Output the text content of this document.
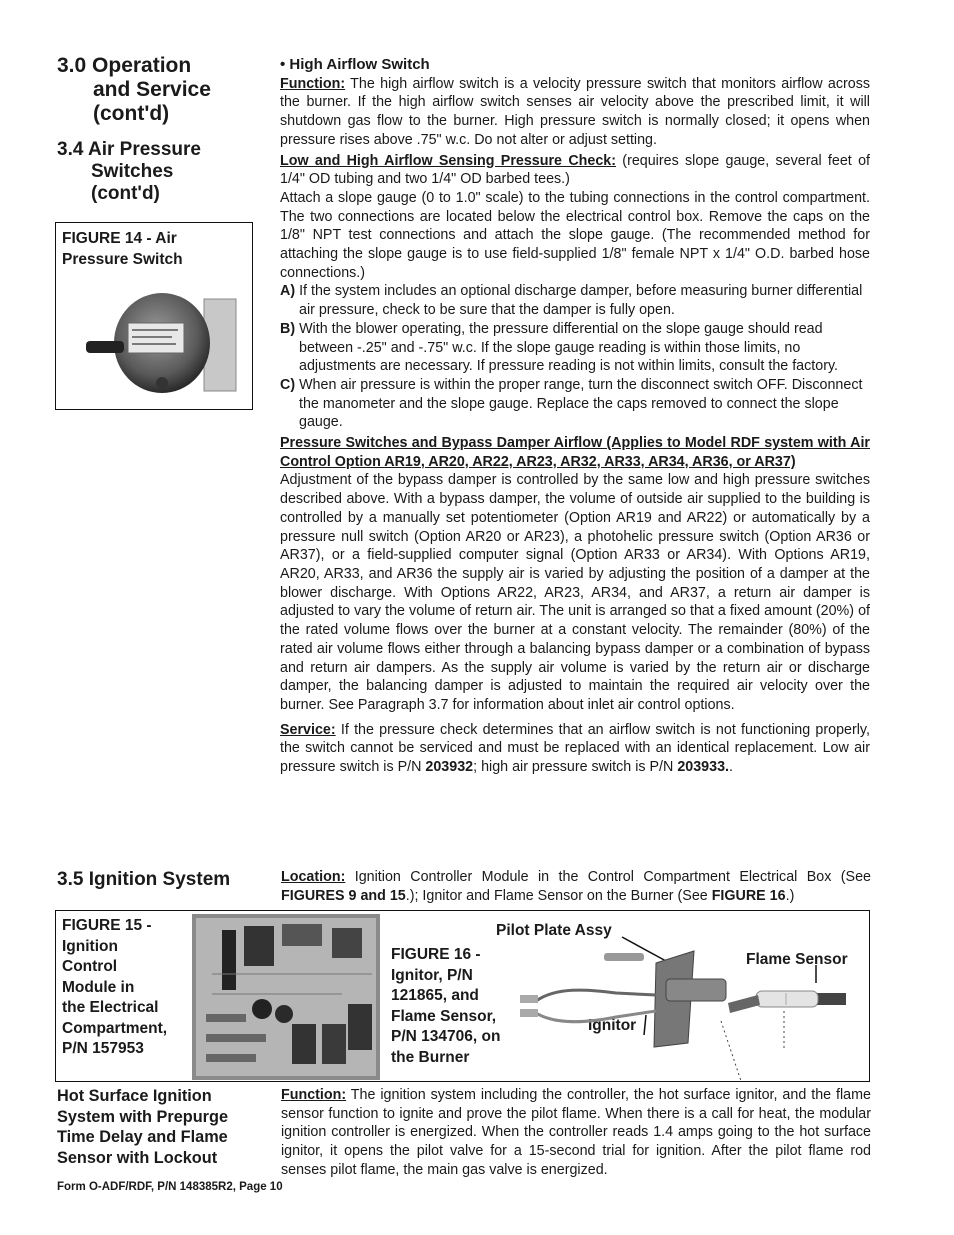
3.0 Operation
and Service
(cont'd)
3.4 Air Pressure
Switches
(cont'd)
FIGURE 14 - Air
Pressure Switch

• High Airflow Switch

Function: The high airflow switch is a velocity pressure switch that monitors airflow across the burner. If the high airflow switch senses air velocity above the prescribed limit, it will shutdown gas flow to the burner. High pressure switch is normally closed; it opens when pressure rises above .75" w.c. Do not alter or adjust setting.

Low and High Airflow Sensing Pressure Check: (requires slope gauge, several feet of 1/4" OD tubing and two 1/4" OD barbed tees.)

Attach a slope gauge (0 to 1.0" scale) to the tubing connections in the control compartment. The two connections are located below the electrical control box. Remove the caps on the 1/8" NPT test connections and attach the slope gauge. (The recommended method for attaching the slope gauge is to use field-supplied 1/8" female NPT x 1/4" O.D. barbed hose connections.)

A) If the system includes an optional discharge damper, before measuring burner differential air pressure, check to be sure that the damper is fully open.

B) With the blower operating, the pressure differential on the slope gauge should read between -.25" and -.75" w.c. If the slope gauge reading is within those limits, no adjustments are necessary. If pressure reading is not within limits, consult the factory.

C) When air pressure is within the proper range, turn the disconnect switch OFF. Disconnect the manometer and the slope gauge. Replace the caps removed to connect the slope gauge.

Pressure Switches and Bypass Damper Airflow (Applies to Model RDF system with Air Control Option AR19, AR20, AR22, AR23, AR32, AR33, AR34, AR36, or AR37)

Adjustment of the bypass damper is controlled by the same low and high pressure switches described above. With a bypass damper, the volume of outside air supplied to the building is controlled by a manually set potentiometer (Option AR19 and AR22) or automatically by a pressure null switch (Option AR20 or AR23), a photohelic pressure switch (Option AR36 or AR37), or a field-supplied computer signal (Option AR33 or AR34). With Options AR19, AR20, AR33, and AR36 the supply air is varied by adjusting the position of a damper at the blower discharge. With Options AR22, AR23, AR34, and AR37, a return air damper is adjusted to vary the volume of return air. The unit is arranged so that a fixed amount (20%) of the rated volume flows over the burner at a constant velocity. The remainder (80%) of the rated air volume flows either through a balancing bypass damper or a combination of bypass and return air dampers. As the supply air volume is varied by the return air or discharge damper, the balancing damper is adjusted to maintain the required air velocity over the burner. See Paragraph 3.7 for information about inlet air control options.

Service: If the pressure check determines that an airflow switch is not functioning properly, the switch cannot be serviced and must be replaced with an identical replacement. Low air pressure switch is P/N 203932; high air pressure switch is P/N 203933..

3.5 Ignition System	Location: Ignition Controller Module in the Control Compartment Electrical Box (See FIGURES 9 and 15.); Ignitor and Flame Sensor on the Burner (See FIGURE 16.)
FIGURE 15 -
Ignition
Control
Module in
the Electrical
Compartment,
P/N 157953
FIGURE 16 -
Ignitor, P/N
121865, and
Flame Sensor,
P/N 134706, on
the Burner
Pilot Plate Assy
Flame Sensor
Ignitor
Hot Surface Ignition
System with Prepurge
Time Delay and Flame
Sensor with Lockout
Function: The ignition system including the controller, the hot surface ignitor, and the flame sensor function to ignite and prove the pilot flame. When there is a call for heat, the modular ignition controller is energized. When the controller reads 1.4 amps going to the hot surface ignitor, it opens the pilot valve for a 15-second trial for ignition. After the pilot flame rod senses pilot flame, the main gas valve is energized.
Form O-ADF/RDF, P/N 148385R2, Page 10
